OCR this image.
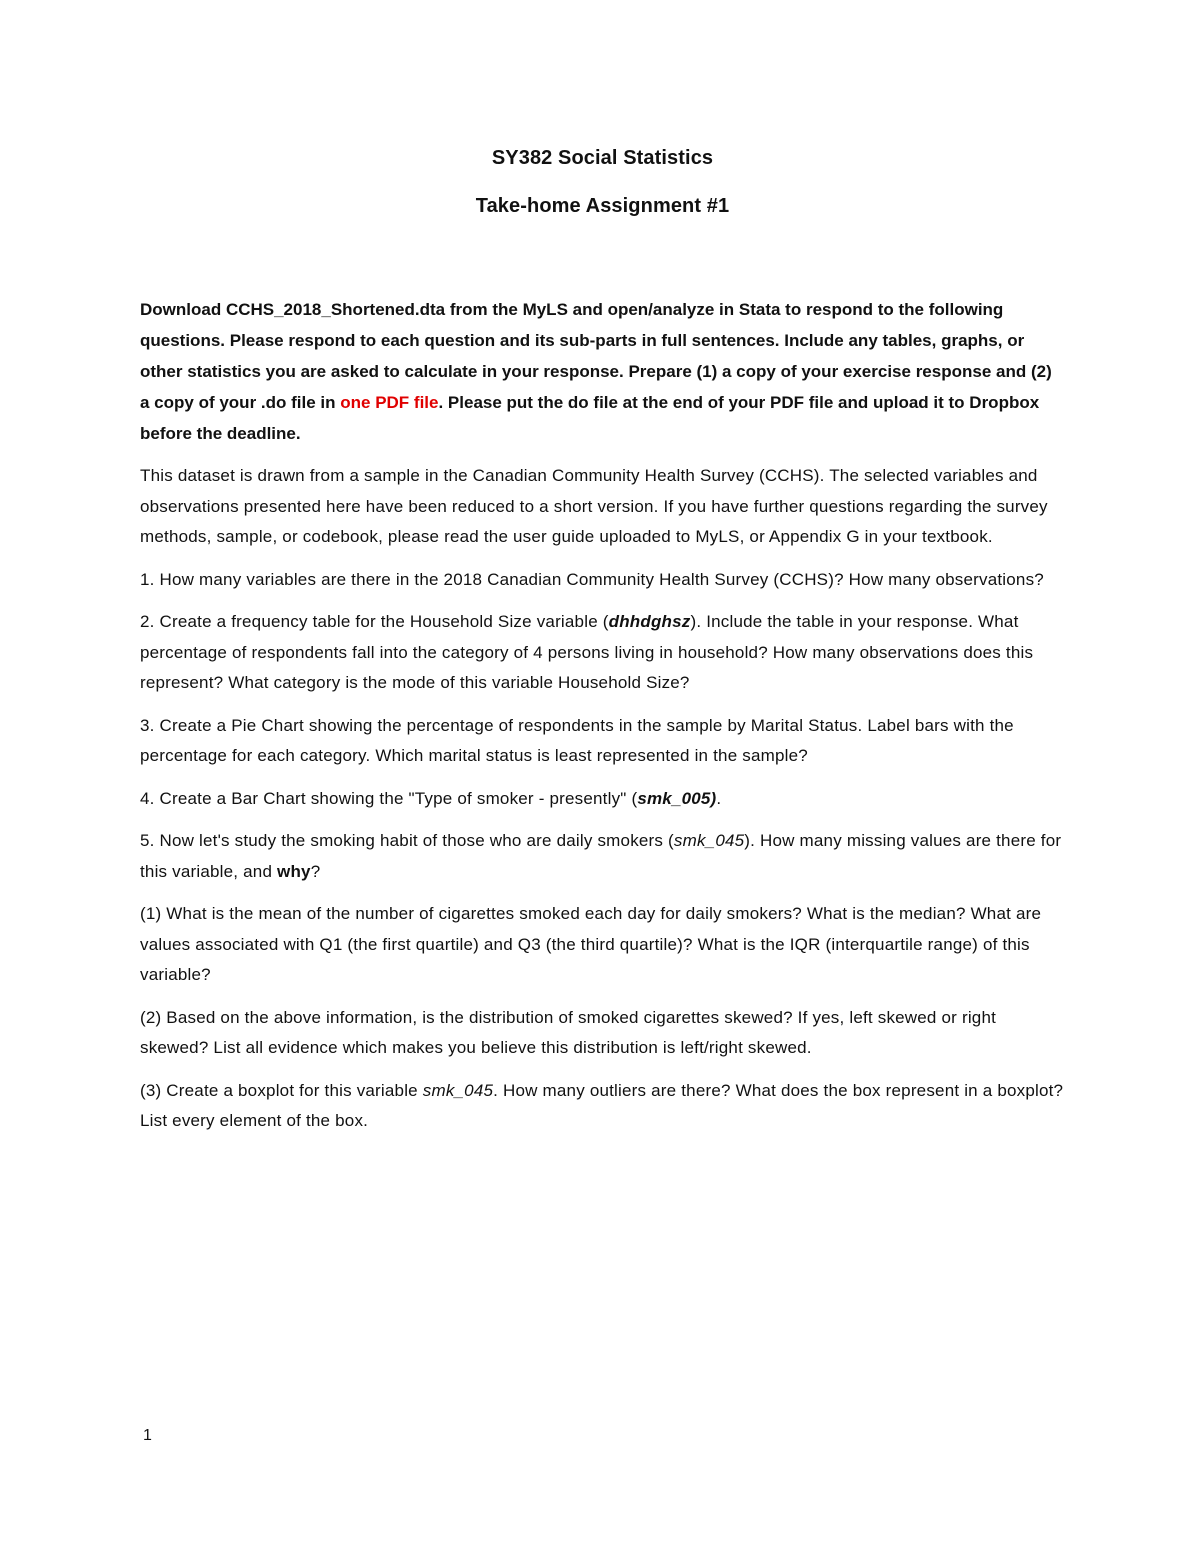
SY382 Social Statistics

Take-home Assignment #1

Download CCHS_2018_Shortened.dta from the MyLS and open/analyze in Stata to respond to the following questions. Please respond to each question and its sub-parts in full sentences. Include any tables, graphs, or other statistics you are asked to calculate in your response. Prepare (1) a copy of your exercise response and (2) a copy of your .do file in one PDF file. Please put the do file at the end of your PDF file and upload it to Dropbox before the deadline.

This dataset is drawn from a sample in the Canadian Community Health Survey (CCHS). The selected variables and observations presented here have been reduced to a short version. If you have further questions regarding the survey methods, sample, or codebook, please read the user guide uploaded to MyLS, or Appendix G in your textbook.

1. How many variables are there in the 2018 Canadian Community Health Survey (CCHS)? How many observations?

2. Create a frequency table for the Household Size variable (dhhdghsz). Include the table in your response. What percentage of respondents fall into the category of 4 persons living in household? How many observations does this represent? What category is the mode of this variable Household Size?

3. Create a Pie Chart showing the percentage of respondents in the sample by Marital Status. Label bars with the percentage for each category. Which marital status is least represented in the sample?

4. Create a Bar Chart showing the "Type of smoker - presently" (smk_005).

5. Now let's study the smoking habit of those who are daily smokers (smk_045). How many missing values are there for this variable, and why?

(1) What is the mean of the number of cigarettes smoked each day for daily smokers? What is the median? What are values associated with Q1 (the first quartile) and Q3 (the third quartile)? What is the IQR (interquartile range) of this variable?

(2) Based on the above information, is the distribution of smoked cigarettes skewed? If yes, left skewed or right skewed? List all evidence which makes you believe this distribution is left/right skewed.

(3) Create a boxplot for this variable smk_045. How many outliers are there? What does the box represent in a boxplot? List every element of the box.

1
